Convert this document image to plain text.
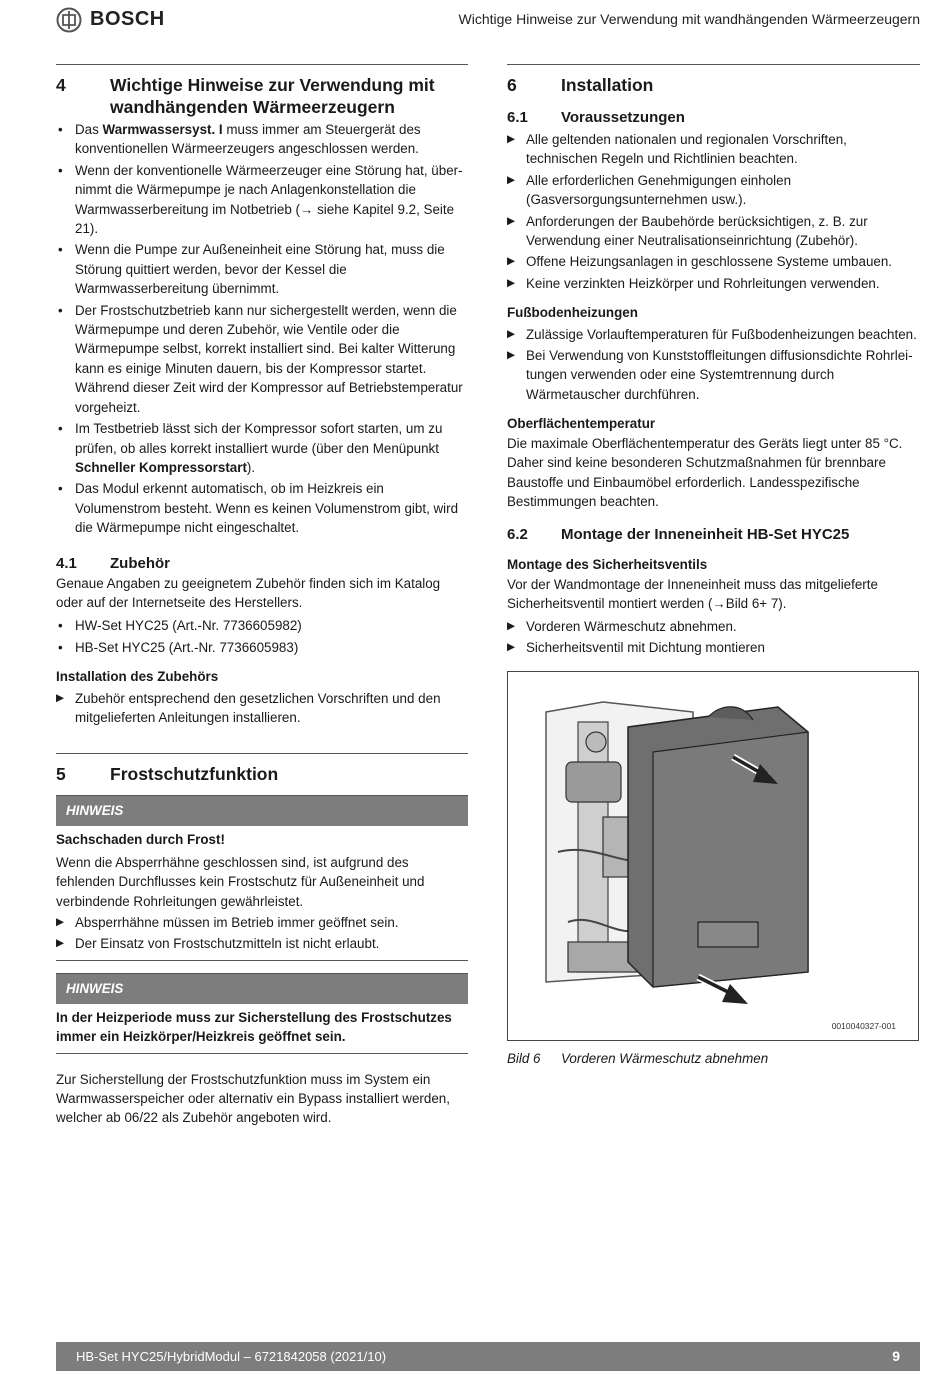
BOSCH	Wichtige Hinweise zur Verwendung mit wandhängenden Wärmeerzeugern
4	Wichtige Hinweise zur Verwendung mit wandhängenden Wärmeerzeugern
• Das Warmwassersyst. I muss immer am Steuergerät des konventionellen Wärmeerzeugers angeschlossen werden.
• Wenn der konventionelle Wärmeerzeuger eine Störung hat, übernimmt die Wärmepumpe je nach Anlagenkonstellation die Warmwasserbereitung im Notbetrieb (→ siehe Kapitel 9.2, Seite 21).
• Wenn die Pumpe zur Außeneinheit eine Störung hat, muss die Störung quittiert werden, bevor der Kessel die Warmwasserbereitung übernimmt.
• Der Frostschutzbetrieb kann nur sichergestellt werden, wenn die Wärmepumpe und deren Zubehör, wie Ventile oder die Wärmepumpe selbst, korrekt installiert sind. Bei kalter Witterung kann es einige Minuten dauern, bis der Kompressor startet. Während dieser Zeit wird der Kompressor auf Betriebstemperatur vorgeheizt.
• Im Testbetrieb lässt sich der Kompressor sofort starten, um zu prüfen, ob alles korrekt installiert wurde (über den Menüpunkt Schneller Kompressorstart).
• Das Modul erkennt automatisch, ob im Heizkreis ein Volumenstrom besteht. Wenn es keinen Volumenstrom gibt, wird die Wärmepumpe nicht eingeschaltet.
4.1	Zubehör

Genaue Angaben zu geeignetem Zubehör finden sich im Katalog oder auf der Internetseite des Herstellers.

• HW-Set HYC25 (Art.-Nr. 7736605982)
• HB-Set HYC25 (Art.-Nr. 7736605983)
Installation des Zubehörs
▶ Zubehör entsprechend den gesetzlichen Vorschriften und den mitgelieferten Anleitungen installieren.
5	Frostschutzfunktion
HINWEIS
Sachschaden durch Frost!

Wenn die Absperrhähne geschlossen sind, ist aufgrund des fehlenden Durchflusses kein Frostschutz für Außeneinheit und verbindende Rohrleitungen gewährleistet.

▶ Absperrhähne müssen im Betrieb immer geöffnet sein.
▶ Der Einsatz von Frostschutzmitteln ist nicht erlaubt.
HINWEIS
In der Heizperiode muss zur Sicherstellung des Frostschutzes immer ein Heizkörper/Heizkreis geöffnet sein.

Zur Sicherstellung der Frostschutzfunktion muss im System ein Warmwasserspeicher oder alternativ ein Bypass installiert werden, welcher ab 06/22 als Zubehör angeboten wird.

6	Installation
6.1	Voraussetzungen
▶ Alle geltenden nationalen und regionalen Vorschriften, technischen Regeln und Richtlinien beachten.
▶ Alle erforderlichen Genehmigungen einholen (Gasversorgungsunternehmen usw.).
▶ Anforderungen der Baubehörde berücksichtigen, z. B. zur Verwendung einer Neutralisationseinrichtung (Zubehör).
▶ Offene Heizungsanlagen in geschlossene Systeme umbauen.
▶ Keine verzinkten Heizkörper und Rohrleitungen verwenden.
Fußbodenheizungen
▶ Zulässige Vorlauftemperaturen für Fußbodenheizungen beachten.
▶ Bei Verwendung von Kunststoffleitungen diffusionsdichte Rohrleitungen verwenden oder eine Systemtrennung durch Wärmetauscher durchführen.
Oberflächentemperatur

Die maximale Oberflächentemperatur des Geräts liegt unter 85 °C. Daher sind keine besonderen Schutzmaßnahmen für brennbare Baustoffe und Einbaumöbel erforderlich. Landesspezifische Bestimmungen beachten.

6.2	Montage der Inneneinheit HB-Set HYC25
Montage des Sicherheitsventils

Vor der Wandmontage der Inneneinheit muss das mitgelieferte Sicherheitsventil montiert werden (→Bild 6+ 7).

▶ Vorderen Wärmeschutz abnehmen.
▶ Sicherheitsventil mit Dichtung montieren
0010040327-001
Bild 6	Vorderen Wärmeschutz abnehmen
HB-Set HYC25/HybridModul – 6721842058 (2021/10)	9
